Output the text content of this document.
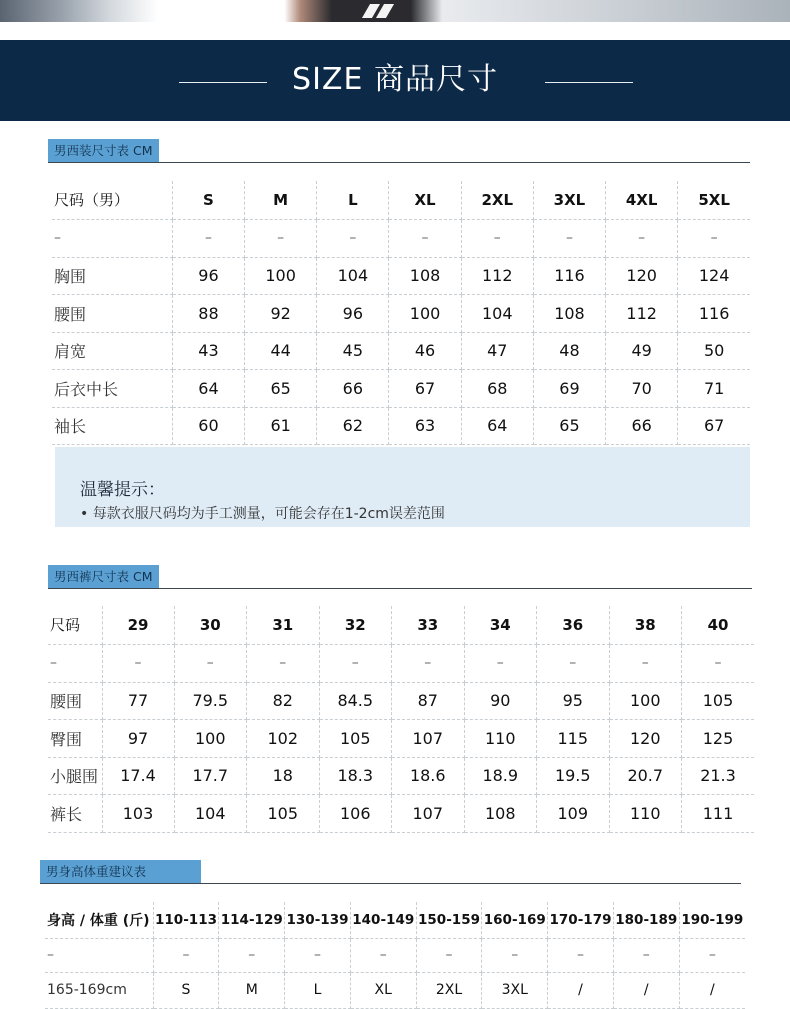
SIZE 商品尺寸
男西装尺寸表 CM
尺码（男）	S	M	L	XL	2XL	3XL	4XL	5XL
–	–	–	–	–	–	–	–	–
胸围	96	100	104	108	112	116	120	124
腰围	88	92	96	100	104	108	112	116
肩宽	43	44	45	46	47	48	49	50
后衣中长	64	65	66	67	68	69	70	71
袖长	60	61	62	63	64	65	66	67
温馨提示：
• 每款衣服尺码均为手工测量，可能会存在1-2cm误差范围
男西裤尺寸表 CM
尺码	29	30	31	32	33	34	36	38	40
–	–	–	–	–	–	–	–	–	–
腰围	77	79.5	82	84.5	87	90	95	100	105
臀围	97	100	102	105	107	110	115	120	125
小腿围	17.4	17.7	18	18.3	18.6	18.9	19.5	20.7	21.3
裤长	103	104	105	106	107	108	109	110	111
男身高体重建议表
身高 / 体重 (斤)	110-113	114-129	130-139	140-149	150-159	160-169	170-179	180-189	190-199
–	–	–	–	–	–	–	–	–	–
165-169cm	S	M	L	XL	2XL	3XL	/	/	/
